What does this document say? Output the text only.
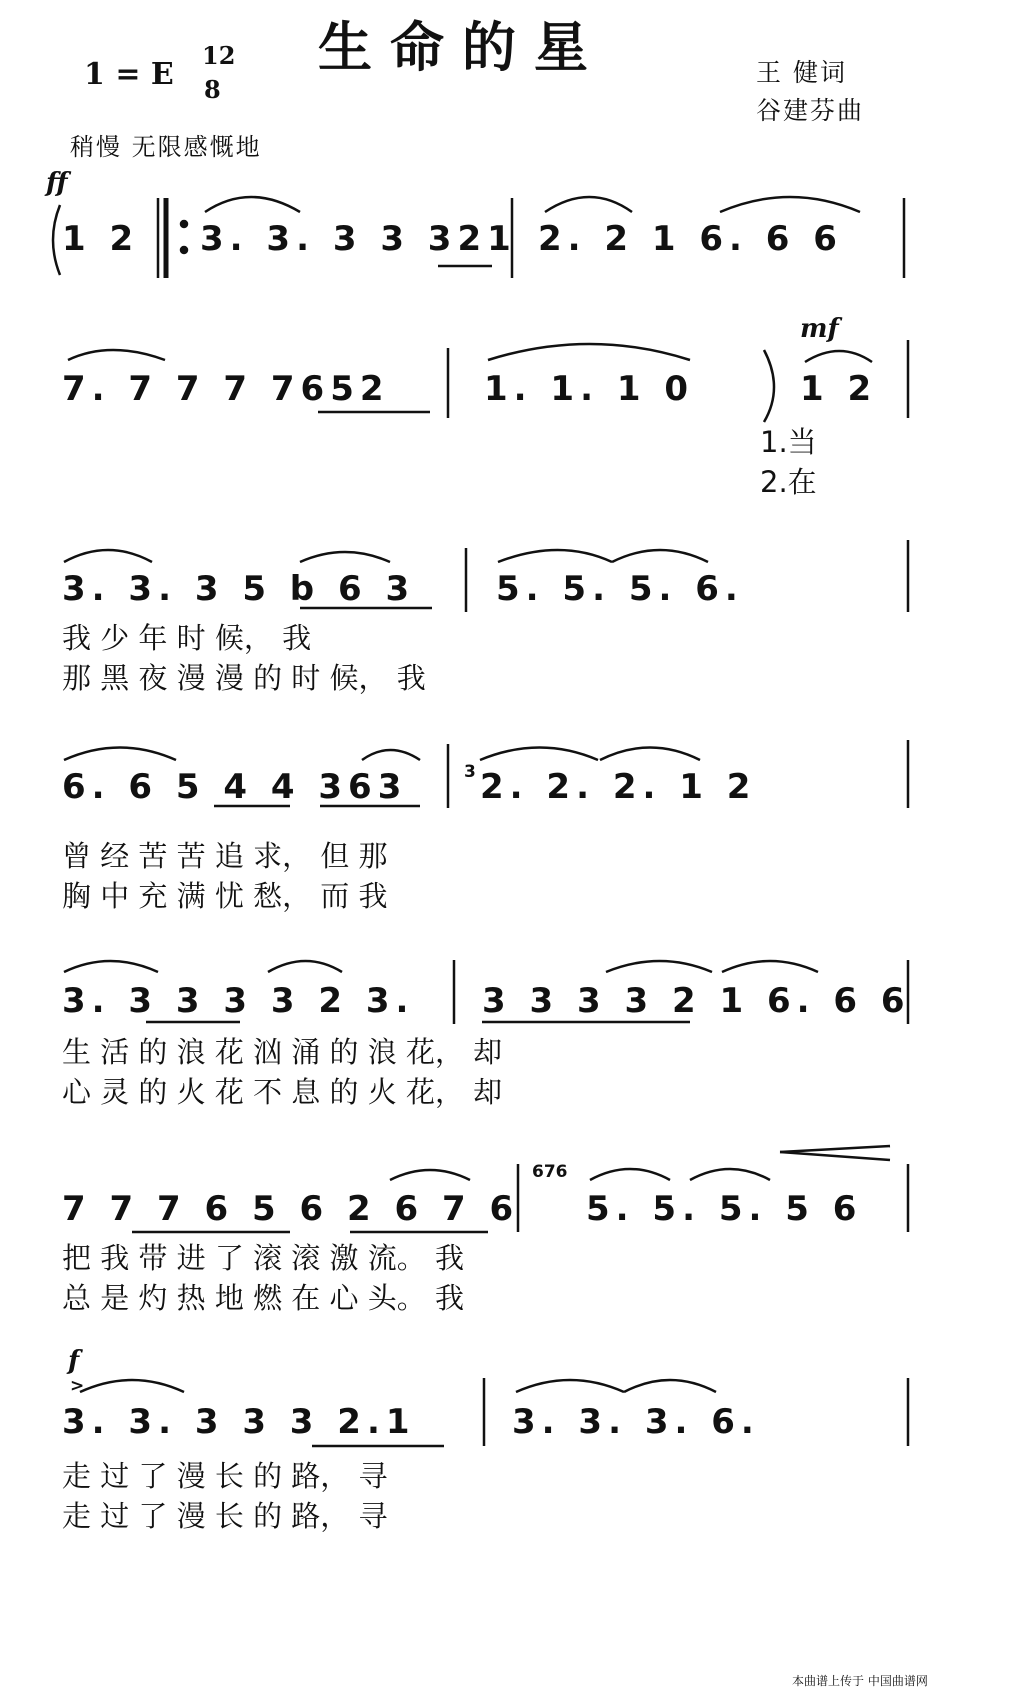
1 = E
12
8
生命的星	王 健词
谷建芬曲
稍慢 无限感慨地
ff
mf
f
>
1 2 3. 3. 3 3 321 2. 2 1 6. 6 6
7. 7 7 7 7652	1. 1. 1 0	1 2
1.当
2.在
3. 3. 3 5 b 6 3 5. 5. 5. 6.
我 少 年 时 候， 我
那 黑 夜 漫 漫 的 时 候， 我
6. 6 5 4 4 363	3 2. 2. 2. 1 2
曾 经 苦 苦 追 求， 但 那
胸 中 充 满 忧 愁， 而 我
3. 3 3 3 3 2 3. 3 3 3 3 2 1 6. 6 6
生 活 的 浪 花 汹 涌 的 浪 花， 却
心 灵 的 火 花 不 息 的 火 花， 却
7 7 7 6 5 6 2 6 7 6
676
5. 5. 5. 5 6
把 我 带 进 了 滚 滚 激 流。 我
总 是 灼 热 地 燃 在 心 头。 我
3. 3. 3 3 3 2.1	3. 3. 3. 6.
走 过 了 漫 长 的 路， 寻
走 过 了 漫 长 的 路， 寻
本曲谱上传于 中国曲谱网
